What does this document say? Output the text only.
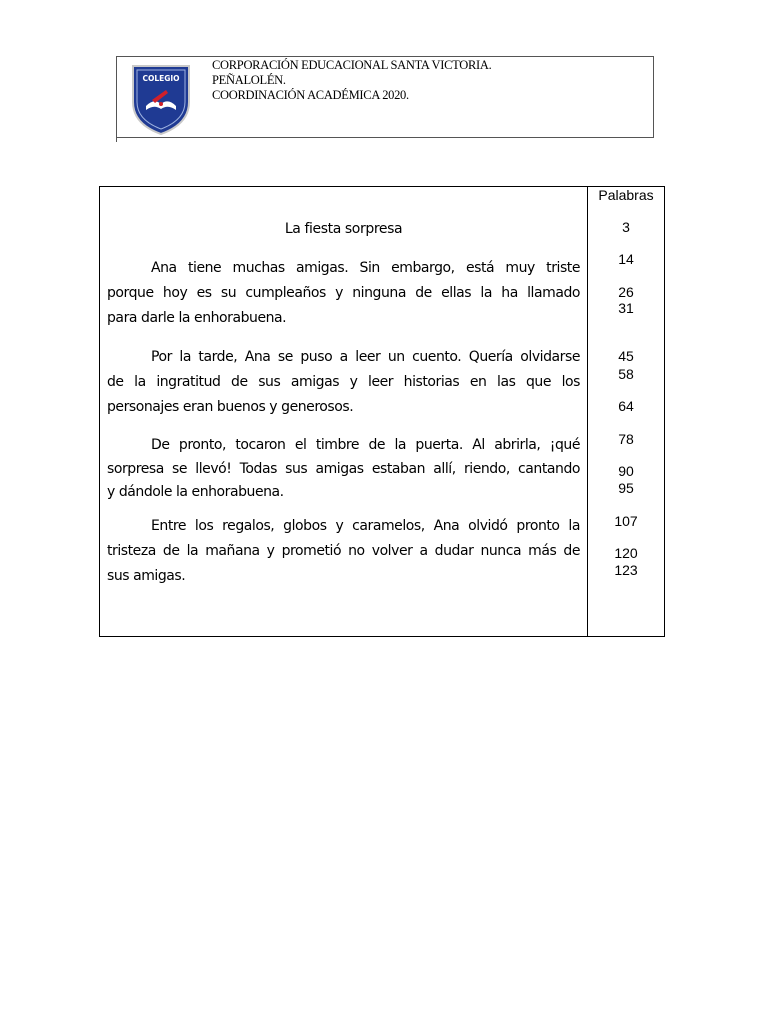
COLEGIO
CORPORACIÓN EDUCACIONAL SANTA VICTORIA.
PEÑALOLÉN.
COORDINACIÓN ACADÉMICA 2020.
Palabras
La fiesta sorpresa	3
Ana tiene muchas amigas. Sin embargo, está muy triste
porque hoy es su cumpleaños y ninguna de ellas la ha llamado
para darle la enhorabuena.
14
26
31
Por la tarde, Ana se puso a leer un cuento. Quería olvidarse
de la ingratitud de sus amigas y leer historias en las que los
personajes eran buenos y generosos.
45
58
64
De pronto, tocaron el timbre de la puerta. Al abrirla, ¡qué
sorpresa se llevó! Todas sus amigas estaban allí, riendo, cantando
y dándole la enhorabuena.
78
90
95
Entre los regalos, globos y caramelos, Ana olvidó pronto la
tristeza de la mañana y prometió no volver a dudar nunca más de
sus amigas.
107
120
123
